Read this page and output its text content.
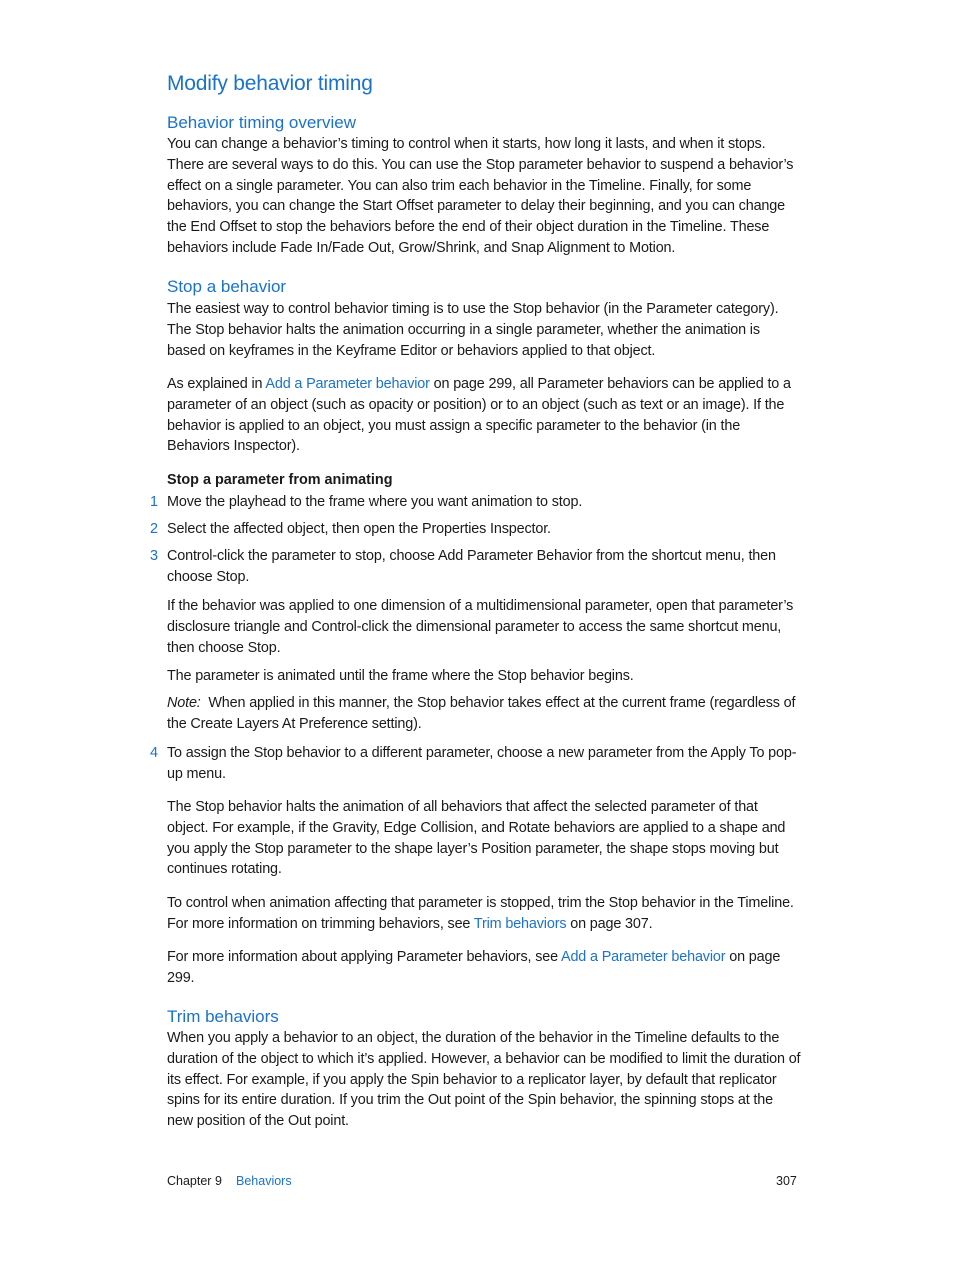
Modify behavior timing
Behavior timing overview

You can change a behavior’s timing to control when it starts, how long it lasts, and when it stops. There are several ways to do this. You can use the Stop parameter behavior to suspend a behavior’s effect on a single parameter. You can also trim each behavior in the Timeline. Finally, for some behaviors, you can change the Start Offset parameter to delay their beginning, and you can change the End Offset to stop the behaviors before the end of their object duration in the Timeline. These behaviors include Fade In/Fade Out, Grow/Shrink, and Snap Alignment to Motion.

Stop a behavior

The easiest way to control behavior timing is to use the Stop behavior (in the Parameter category). The Stop behavior halts the animation occurring in a single parameter, whether the animation is based on keyframes in the Keyframe Editor or behaviors applied to that object.

As explained in Add a Parameter behavior on page 299, all Parameter behaviors can be applied to a parameter of an object (such as opacity or position) or to an object (such as text or an image). If the behavior is applied to an object, you must assign a specific parameter to the behavior (in the Behaviors Inspector).

Stop a parameter from animating
1 Move the playhead to the frame where you want animation to stop.

2 Select the affected object, then open the Properties Inspector.

3 Control-click the parameter to stop, choose Add Parameter Behavior from the shortcut menu, then choose Stop.

If the behavior was applied to one dimension of a multidimensional parameter, open that parameter’s disclosure triangle and Control-click the dimensional parameter to access the same shortcut menu, then choose Stop.

The parameter is animated until the frame where the Stop behavior begins.

Note: When applied in this manner, the Stop behavior takes effect at the current frame (regardless of the Create Layers At Preference setting).

4 To assign the Stop behavior to a different parameter, choose a new parameter from the Apply To pop-up menu.

The Stop behavior halts the animation of all behaviors that affect the selected parameter of that object. For example, if the Gravity, Edge Collision, and Rotate behaviors are applied to a shape and you apply the Stop parameter to the shape layer’s Position parameter, the shape stops moving but continues rotating.

To control when animation affecting that parameter is stopped, trim the Stop behavior in the Timeline. For more information on trimming behaviors, see Trim behaviors on page 307.

For more information about applying Parameter behaviors, see Add a Parameter behavior on page 299.

Trim behaviors

When you apply a behavior to an object, the duration of the behavior in the Timeline defaults to the duration of the object to which it’s applied. However, a behavior can be modified to limit the duration of its effect. For example, if you apply the Spin behavior to a replicator layer, by default that replicator spins for its entire duration. If you trim the Out point of the Spin behavior, the spinning stops at the new position of the Out point.

Chapter 9 Behaviors	307
